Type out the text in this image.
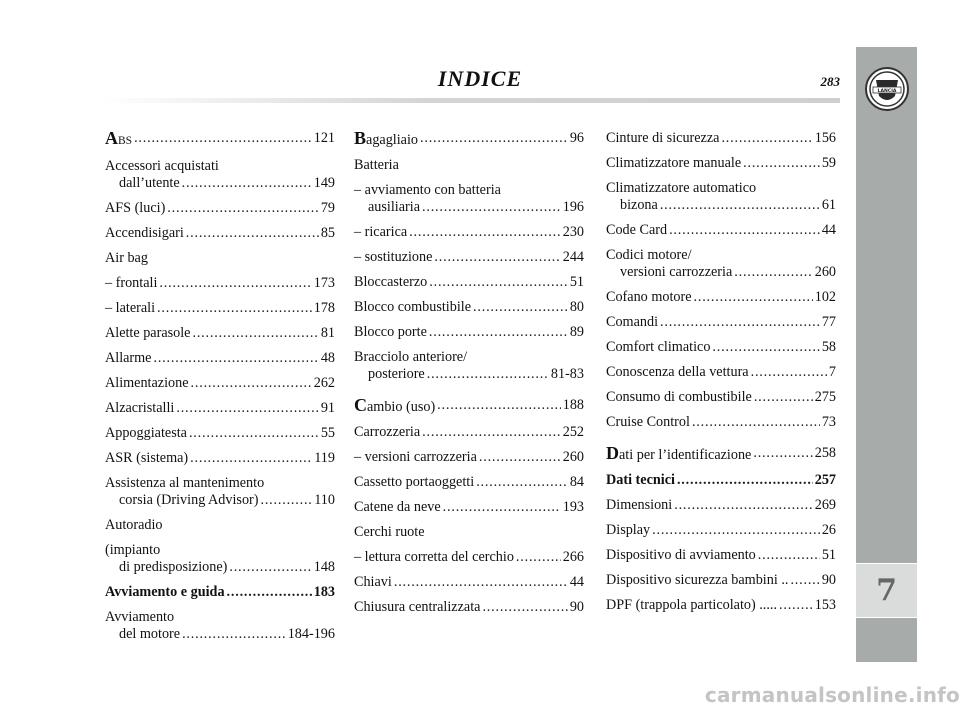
INDICE	283
LANCIA
7
ABS .....	121
Accessori acquistati
dall’utente .....	149
AFS (luci) .....	79
Accendisigari .....	85
Air bag
– frontali .....	173
– laterali .....	178
Alette parasole .....	81
Allarme .....	48
Alimentazione .....	262
Alzacristalli .....	91
Appoggiatesta .....	55
ASR (sistema) .....	119
Assistenza al mantenimento
corsia (Driving Advisor) .....	110
Autoradio
(impianto
di predisposizione) .....	148
Avviamento e guida .....	183
Avviamento
del motore .....	184-196
Bagagliaio .....	96
Batteria
– avviamento con batteria
ausiliaria .....	196
– ricarica .....	230
– sostituzione .....	244
Bloccasterzo .....	51
Blocco combustibile .....	80
Blocco porte .....	89
Bracciolo anteriore/
posteriore .....	81-83
Cambio (uso) .....	188
Carrozzeria .....	252
– versioni carrozzeria .....	260
Cassetto portaoggetti .....	84
Catene da neve .....	193
Cerchi ruote
– lettura corretta del cerchio .....	266
Chiavi .....	44
Chiusura centralizzata .....	90
Cinture di sicurezza .....	156
Climatizzatore manuale .....	59
Climatizzatore automatico
bizona .....	61
Code Card .....	44
Codici motore/
versioni carrozzeria .....	260
Cofano motore .....	102
Comandi .....	77
Comfort climatico .....	58
Conoscenza della vettura .....	7
Consumo di combustibile .....	275
Cruise Control .....	73
Dati per l’identificazione .....	258
Dati tecnici .....	257
Dimensioni .....	269
Display .....	26
Dispositivo di avviamento .....	51
Dispositivo sicurezza bambini .. ..... 90
DPF (trappola particolato) ..... .....	153
carmanualsonline.info
